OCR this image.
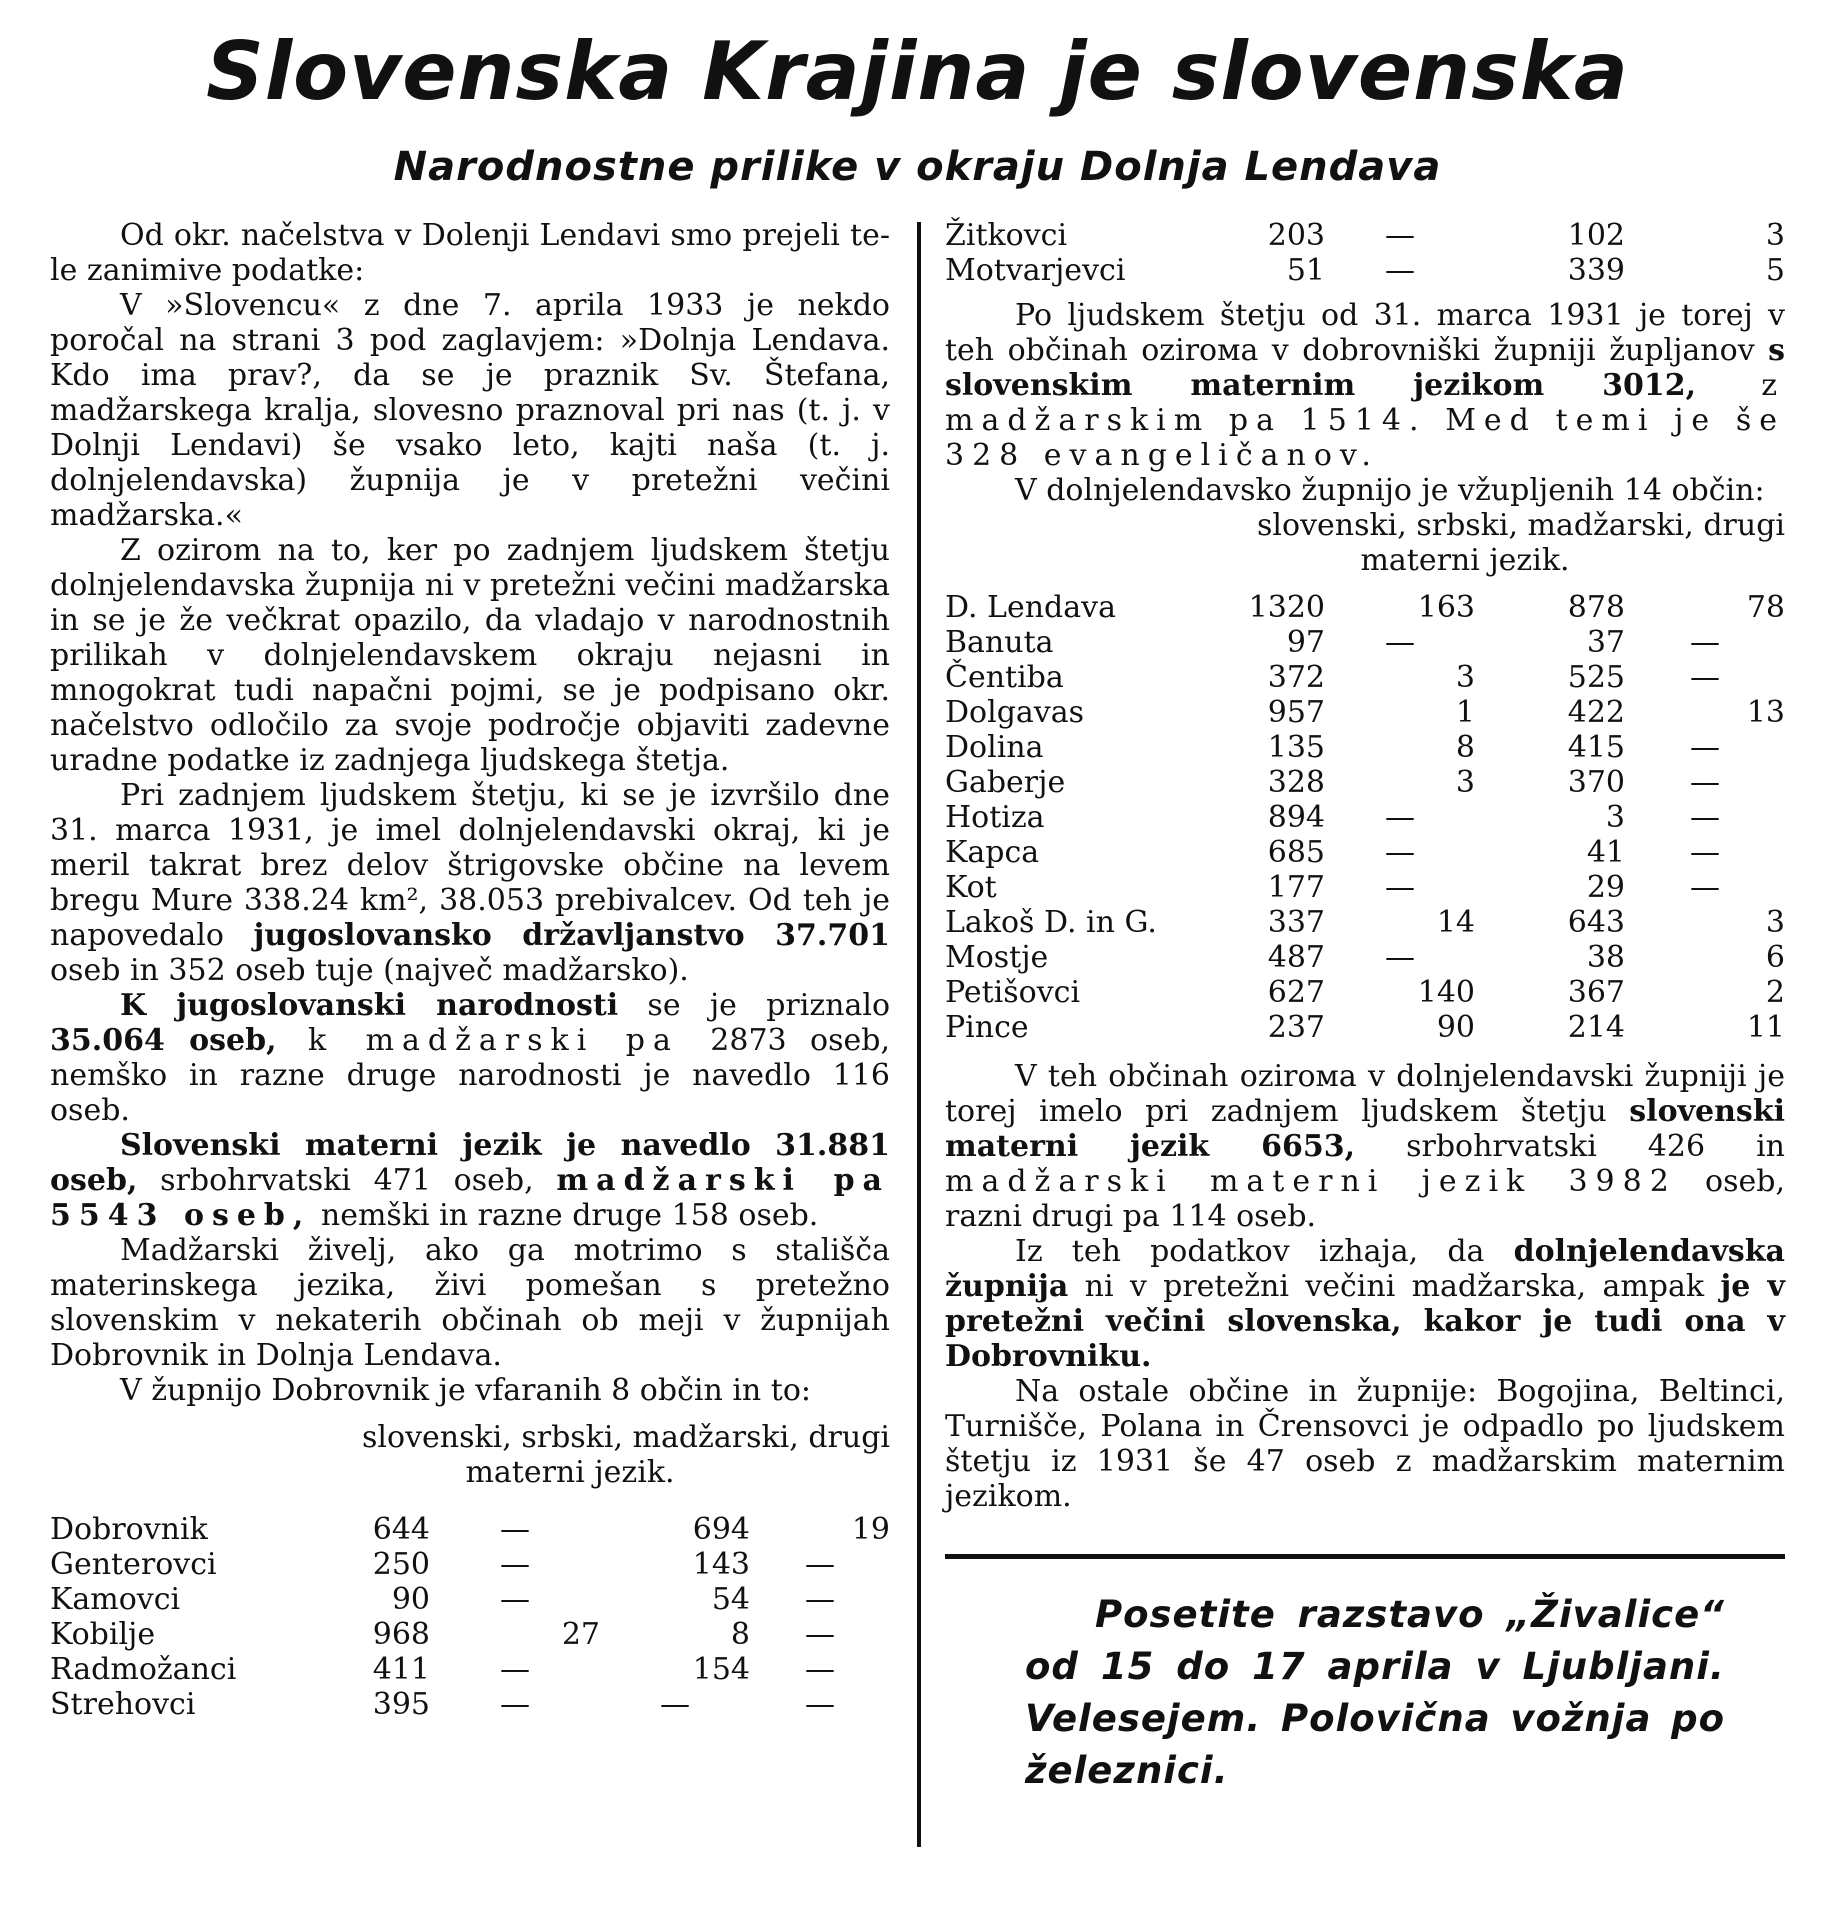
Slovenska Krajina je slovenska
Narodnostne prilike v okraju Dolnja Lendava

Od okr. načelstva v Dolenji Lendavi smo prejeli te-le zanimive podatke:

V »Slovencu« z dne 7. aprila 1933 je nekdo poročal na strani 3 pod zaglavjem: »Dolnja Lendava. Kdo ima prav?, da se je praznik Sv. Štefana, madžarskega kralja, slovesno praznoval pri nas (t. j. v Dolnji Lendavi) še vsako leto, kajti naša (t. j. dolnjelendavska) župnija je v pretežni večini madžarska.«

Z ozirom na to, ker po zadnjem ljudskem štetju dolnjelendavska župnija ni v pretežni večini madžarska in se je že večkrat opazilo, da vladajo v narodnostnih prilikah v dolnjelendavskem okraju nejasni in mnogokrat tudi napačni pojmi, se je podpisano okr. načelstvo odločilo za svoje področje objaviti zadevne uradne podatke iz zadnjega ljudskega štetja.

Pri zadnjem ljudskem štetju, ki se je izvršilo dne 31. marca 1931, je imel dolnjelendavski okraj, ki je meril takrat brez delov štrigovske občine na levem bregu Mure 338.24 km², 38.053 prebivalcev. Od teh je napovedalo jugoslovansko državljanstvo 37.701 oseb in 352 oseb tuje (največ madžarsko).

K jugoslovanski narodnosti se je priznalo 35.064 oseb, k madžarski pa 2873 oseb, nemško in razne druge narodnosti je navedlo 116 oseb.

Slovenski materni jezik je navedlo 31.881 oseb, srbohrvatski 471 oseb, madžarski pa 5543 oseb, nemški in razne druge 158 oseb.

Madžarski živelj, ako ga motrimo s stališča materinskega jezika, živi pomešan s pretežno slovenskim v nekaterih občinah ob meji v župnijah Dobrovnik in Dolnja Lendava.

V župnijo Dobrovnik je vfaranih 8 občin in to:

slovenski, srbski, madžarski, drugi
materni jezik.
Dobrovnik	644	—	694	19
Genterovci	250	—	143	—
Kamovci	90	—	54	—
Kobilje	968	27	8	—
Radmožanci	411	—	154	—
Strehovci	395	—	—	—
Žitkovci	203	—	102	3
Motvarjevci	51	—	339	5

Po ljudskem štetju od 31. marca 1931 je torej v teh občinah ozirома v dobrovniški župniji župljanov s slovenskim maternim jezikom 3012, z madžarskim pa 1514. Med temi je še 328 evangeličanov.

V dolnjelendavsko župnijo je vžupljenih 14 občin:

slovenski, srbski, madžarski, drugi
materni jezik.
D. Lendava	1320	163	878	78
Banuta	97	—	37	—
Čentiba	372	3	525	—
Dolgavas	957	1	422	13
Dolina	135	8	415	—
Gaberje	328	3	370	—
Hotiza	894	—	3	—
Kapca	685	—	41	—
Kot	177	—	29	—
Lakoš D. in G.	337	14	643	3
Mostje	487	—	38	6
Petišovci	627	140	367	2
Pince	237	90	214	11

V teh občinah ozirома v dolnjelendavski župniji je torej imelo pri zadnjem ljudskem štetju slovenski materni jezik 6653, srbohrvatski 426 in madžarski materni jezik 3982 oseb, razni drugi pa 114 oseb.

Iz teh podatkov izhaja, da dolnjelendavska župnija ni v pretežni večini madžarska, ampak je v pretežni večini slovenska, kakor je tudi ona v Dobrovniku.

Na ostale občine in župnije: Bogojina, Beltinci, Turnišče, Polana in Črensovci je odpadlo po ljudskem štetju iz 1931 še 47 oseb z madžarskim maternim jezikom.

Posetite razstavo „Živalice“ od 15 do 17 aprila v Ljubljani. Velesejem. Polovična vožnja po železnici.
